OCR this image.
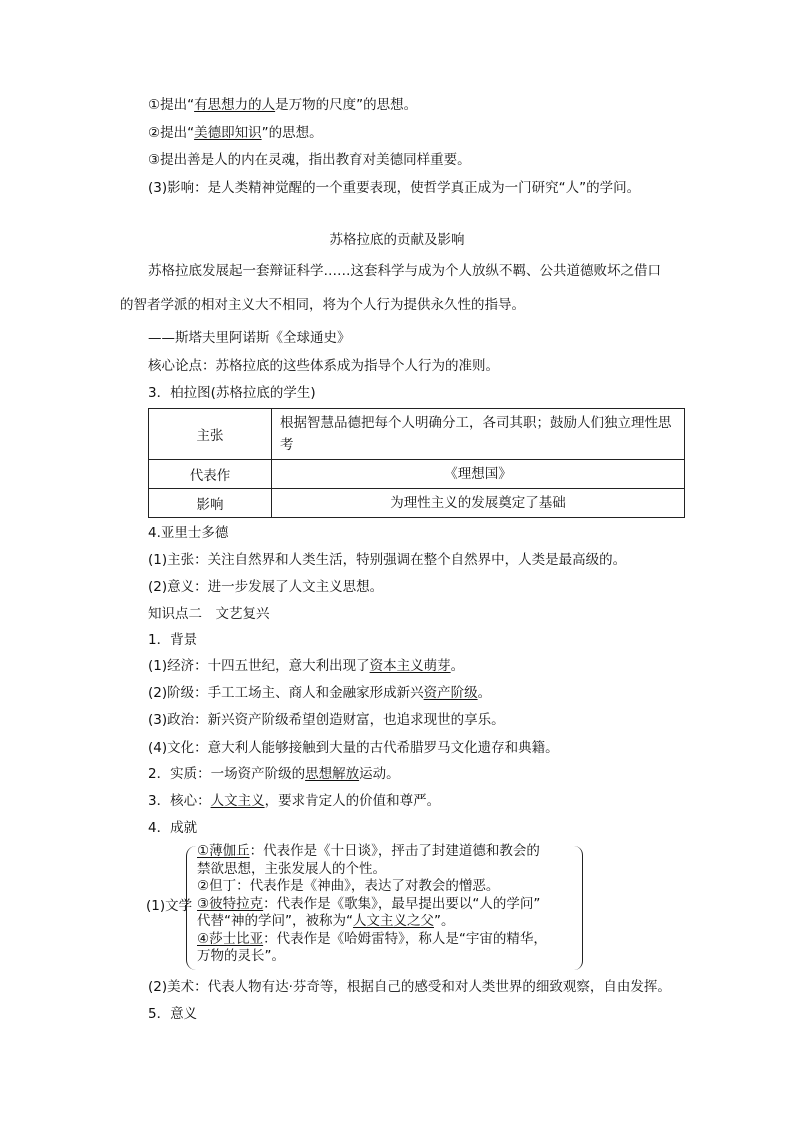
①提出“有思想力的人是万物的尺度”的思想。
②提出“美德即知识”的思想。
③提出善是人的内在灵魂，指出教育对美德同样重要。
(3)影响：是人类精神觉醒的一个重要表现，使哲学真正成为一门研究“人”的学问。
苏格拉底的贡献及影响
苏格拉底发展起一套辩证科学……这套科学与成为个人放纵不羁、公共道德败坏之借口
的智者学派的相对主义大不相同，将为个人行为提供永久性的指导。
——斯塔夫里阿诺斯《全球通史》
核心论点：苏格拉底的这些体系成为指导个人行为的准则。
3．柏拉图(苏格拉底的学生)
主张	根据智慧品德把每个人明确分工，各司其职；鼓励人们独立理性思考
代表作	《理想国》
影响	为理性主义的发展奠定了基础
4.亚里士多德
(1)主张：关注自然界和人类生活，特别强调在整个自然界中，人类是最高级的。
(2)意义：进一步发展了人文主义思想。
知识点二　文艺复兴
1．背景
(1)经济：十四五世纪，意大利出现了资本主义萌芽。
(2)阶级：手工工场主、商人和金融家形成新兴资产阶级。
(3)政治：新兴资产阶级希望创造财富，也追求现世的享乐。
(4)文化：意大利人能够接触到大量的古代希腊罗马文化遗存和典籍。
2．实质：一场资产阶级的思想解放运动。
3．核心：人文主义，要求肯定人的价值和尊严。
4．成就
(1)文学
①薄伽丘：代表作是《十日谈》，抨击了封建道德和教会的
禁欲思想，主张发展人的个性。
②但丁：代表作是《神曲》，表达了对教会的憎恶。
③彼特拉克：代表作是《歌集》，最早提出要以“人的学问”
代替“神的学问”，被称为“人文主义之父”。
④莎士比亚：代表作是《哈姆雷特》，称人是“宇宙的精华，
万物的灵长”。
(2)美术：代表人物有达·芬奇等，根据自己的感受和对人类世界的细致观察，自由发挥。
5．意义
